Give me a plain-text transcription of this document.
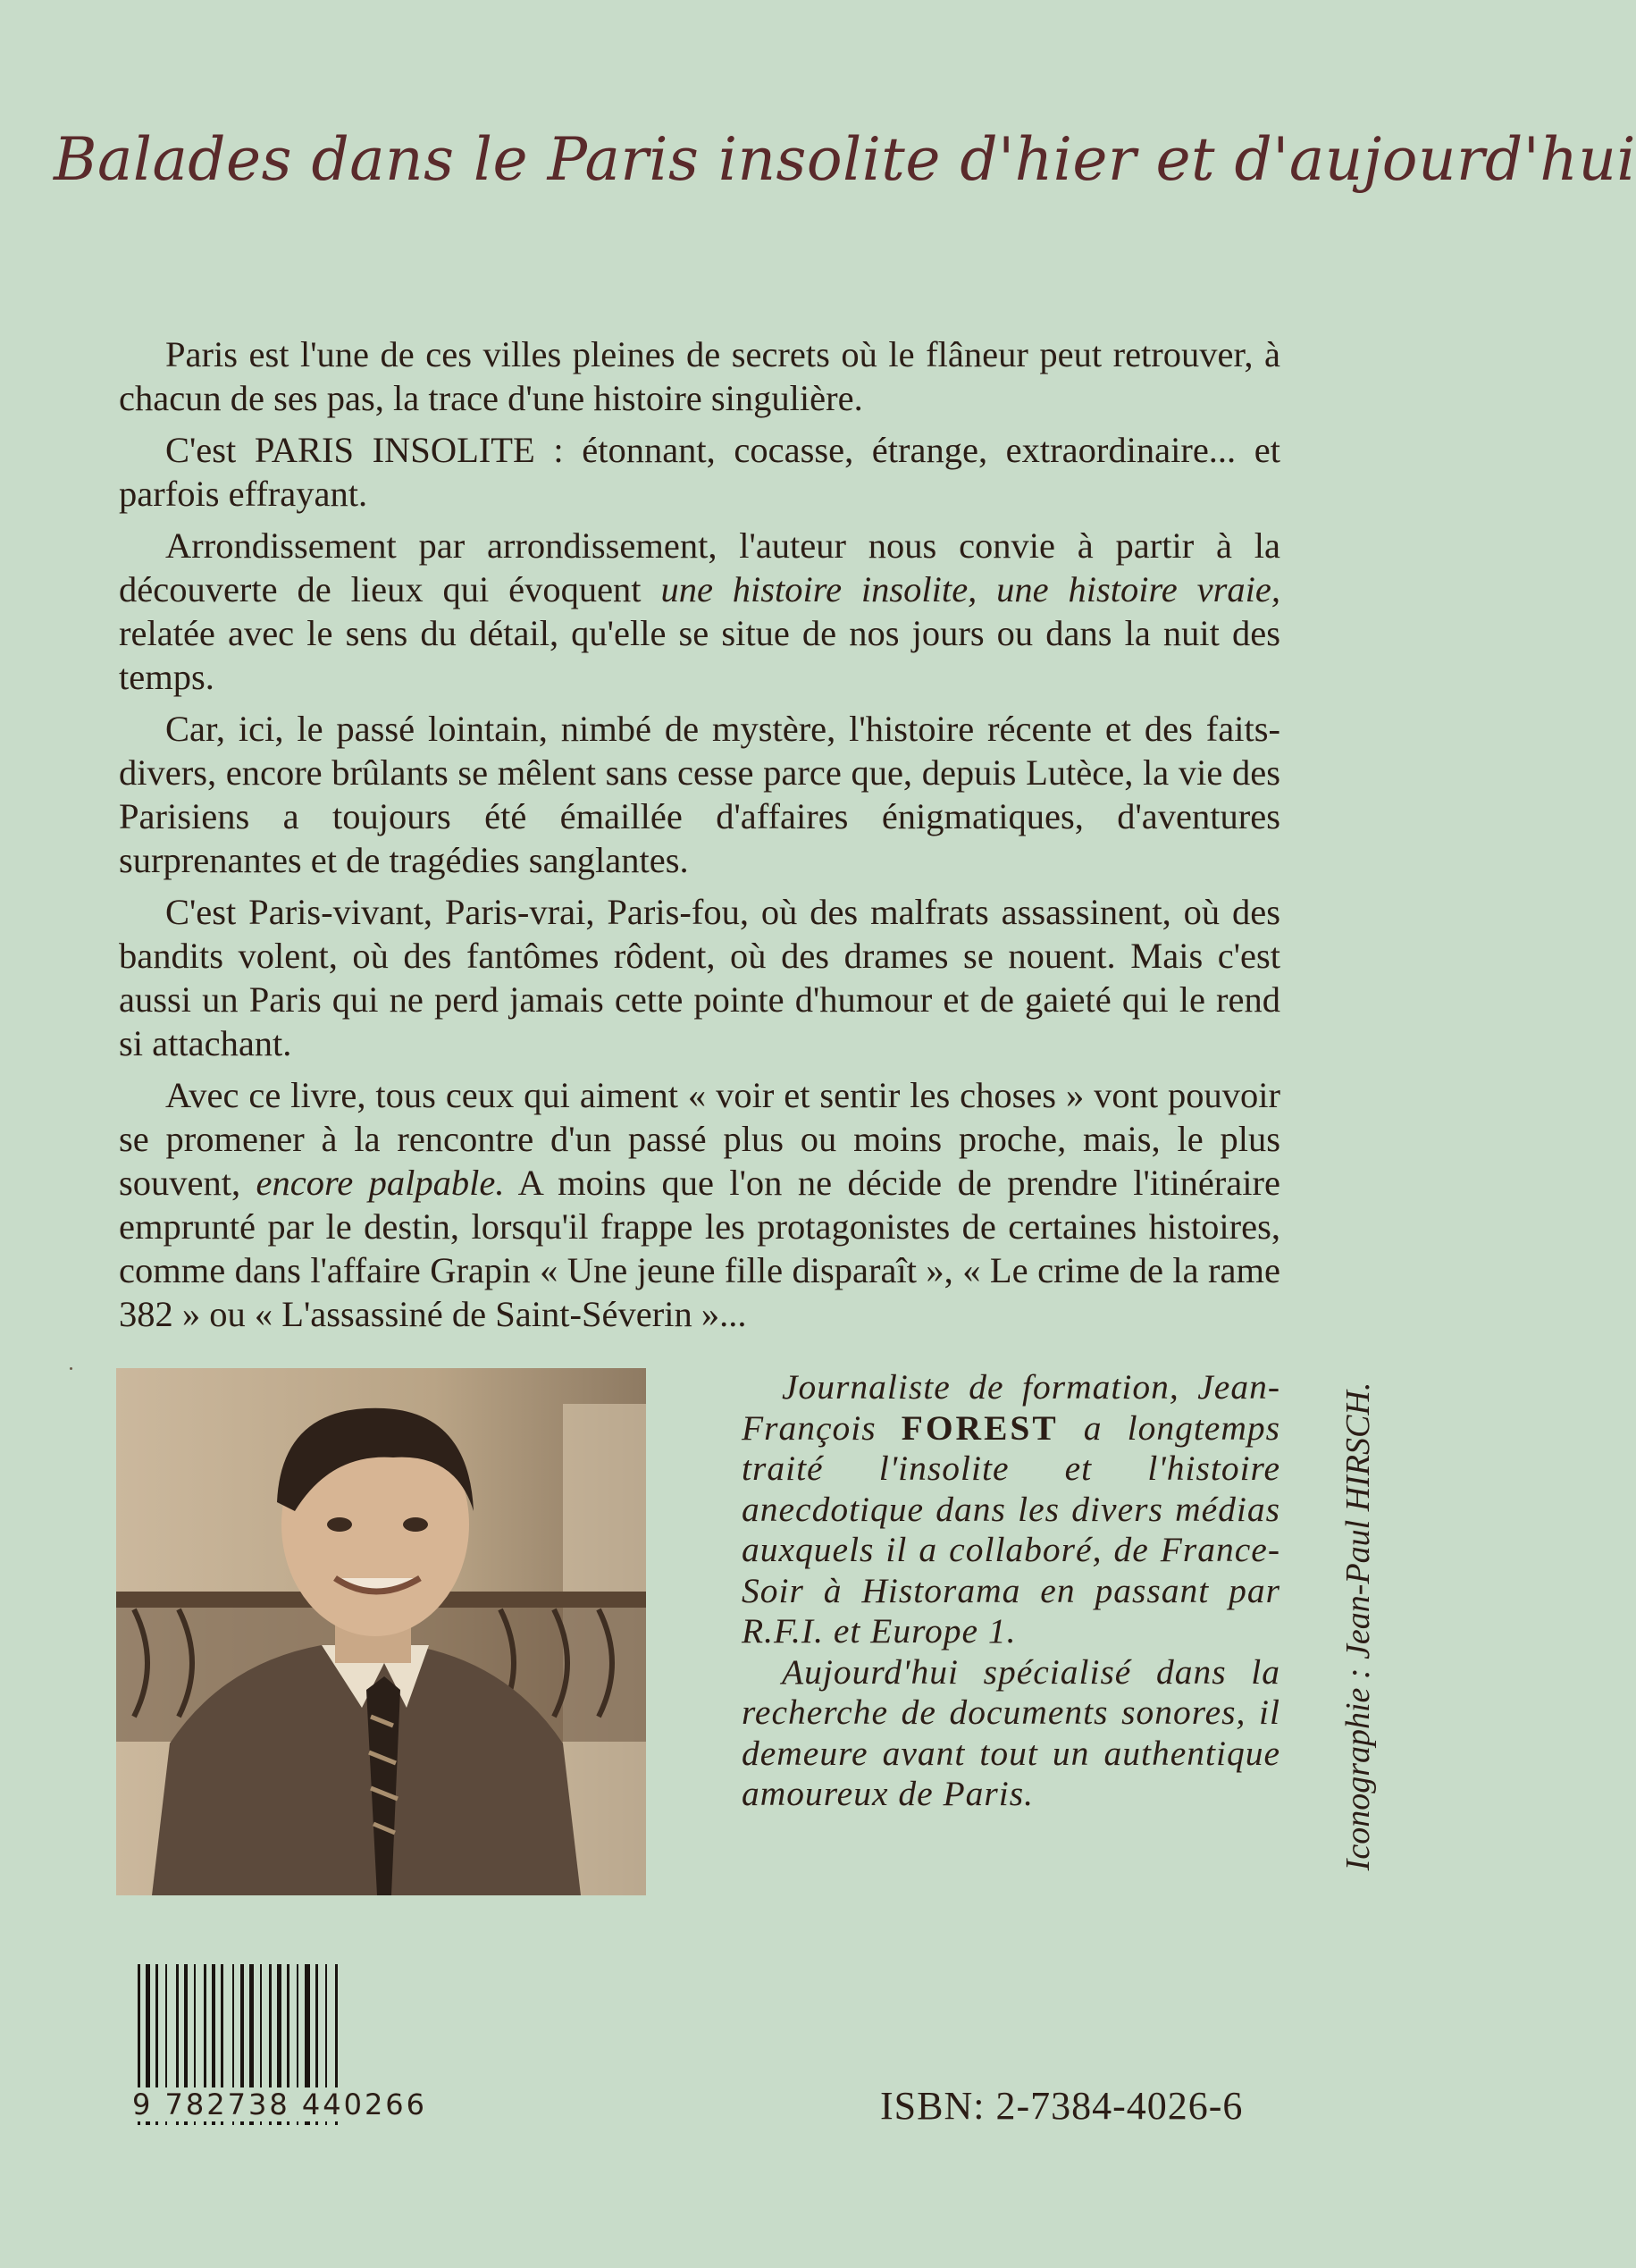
Balades dans le Paris insolite d'hier et d'aujourd'hui

Paris est l'une de ces villes pleines de secrets où le flâneur peut retrouver, à chacun de ses pas, la trace d'une histoire singulière.

C'est PARIS INSOLITE : étonnant, cocasse, étrange, extraordinaire... et parfois effrayant.

Arrondissement par arrondissement, l'auteur nous convie à partir à la découverte de lieux qui évoquent une histoire insolite, une histoire vraie, relatée avec le sens du détail, qu'elle se situe de nos jours ou dans la nuit des temps.

Car, ici, le passé lointain, nimbé de mystère, l'histoire récente et des faits-divers, encore brûlants se mêlent sans cesse parce que, depuis Lutèce, la vie des Parisiens a toujours été émaillée d'affaires énigmatiques, d'aventures surprenantes et de tragédies sanglantes.

C'est Paris-vivant, Paris-vrai, Paris-fou, où des malfrats assassinent, où des bandits volent, où des fantômes rôdent, où des drames se nouent. Mais c'est aussi un Paris qui ne perd jamais cette pointe d'humour et de gaieté qui le rend si attachant.

Avec ce livre, tous ceux qui aiment « voir et sentir les choses » vont pouvoir se promener à la rencontre d'un passé plus ou moins proche, mais, le plus souvent, encore palpable. A moins que l'on ne décide de prendre l'itinéraire emprunté par le destin, lorsqu'il frappe les protagonistes de certaines histoires, comme dans l'affaire Grapin « Une jeune fille disparaît », « Le crime de la rame 382 » ou « L'assassiné de Saint-Séverin »...

Journaliste de formation, Jean-François FOREST a longtemps traité l'insolite et l'histoire anecdotique dans les divers médias auxquels il a collaboré, de France-Soir à Historama en passant par R.F.I. et Europe 1.

Aujourd'hui spécialisé dans la recherche de documents sonores, il demeure avant tout un authentique amoureux de Paris.	Iconographie : Jean-Paul HIRSCH.
9 782738 440266	ISBN: 2-7384-4026-6
